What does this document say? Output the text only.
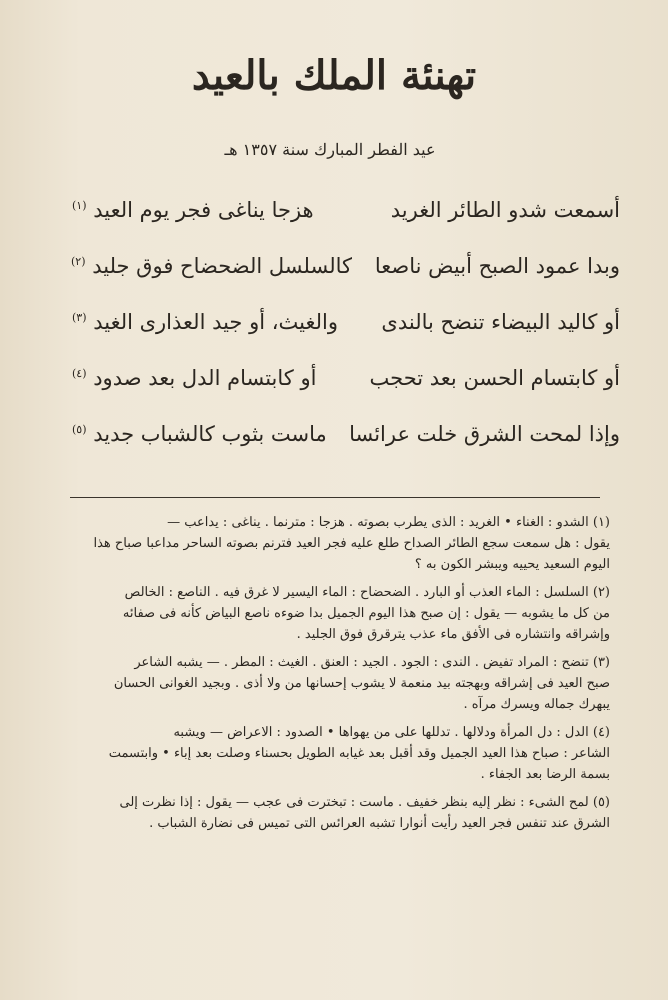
تهنئة الملك بالعيد
عيد الفطر المبارك سنة ١٣٥٧ هـ
أسمعت شدو الطائر الغريد
هزجا يناغى فجر يوم العيد $^{(١)}$
وبدا عمود الصبح أبيض ناصعا
كالسلسل الضحضاح فوق جليد $^{(٢)}$
أو كاليد البيضاء تنضح بالندى
والغيث، أو جيد العذارى الغيد $^{(٣)}$
أو كابتسام الحسن بعد تحجب
أو كابتسام الدل بعد صدود $^{(٤)}$
وإذا لمحت الشرق خلت عرائسا
ماست بثوب كالشباب جديد $^{(٥)}$

(١) الشدو : الغناء • الغريد : الذى يطرب بصوته . هزجا : مترنما . يناغى : يداعب —

يقول : هل سمعت سجع الطائر الصداح طلع عليه فجر العيد فترنم بصوته الساحر مداعبا صباح هذا

اليوم السعيد يحييه ويبشر الكون به ؟

(٢) السلسل : الماء العذب أو البارد . الضحضاح : الماء اليسير لا غرق فيه . الناصع : الخالص

من كل ما يشوبه — يقول : إن صبح هذا اليوم الجميل بدا ضوءه ناصع البياض كأنه فى صفائه

وإشراقه وانتشاره فى الأفق ماء عذب يترقرق فوق الجليد .

(٣) تنضح : المراد تفيض . الندى : الجود . الجيد : العنق . الغيث : المطر . — يشبه الشاعر

صبح العيد فى إشراقه وبهجته بيد منعمة لا يشوب إحسانها من ولا أذى . وبجيد الغوانى الحسان

يبهرك جماله ويسرك مرآه .

(٤) الدل : دل المرأة ودلالها . تدللها على من يهواها • الصدود : الاعراض — ويشبه

الشاعر : صباح هذا العيد الجميل وقد أقبل بعد غيابه الطويل بحسناء وصلت بعد إباء • وابتسمت

بسمة الرضا بعد الجفاء .

(٥) لمح الشىء : نظر إليه بنظر خفيف . ماست : تبخترت فى عجب — يقول : إذا نظرت إلى

الشرق عند تنفس فجر العيد رأيت أنوارا تشبه العرائس التى تميس فى نضارة الشباب .
